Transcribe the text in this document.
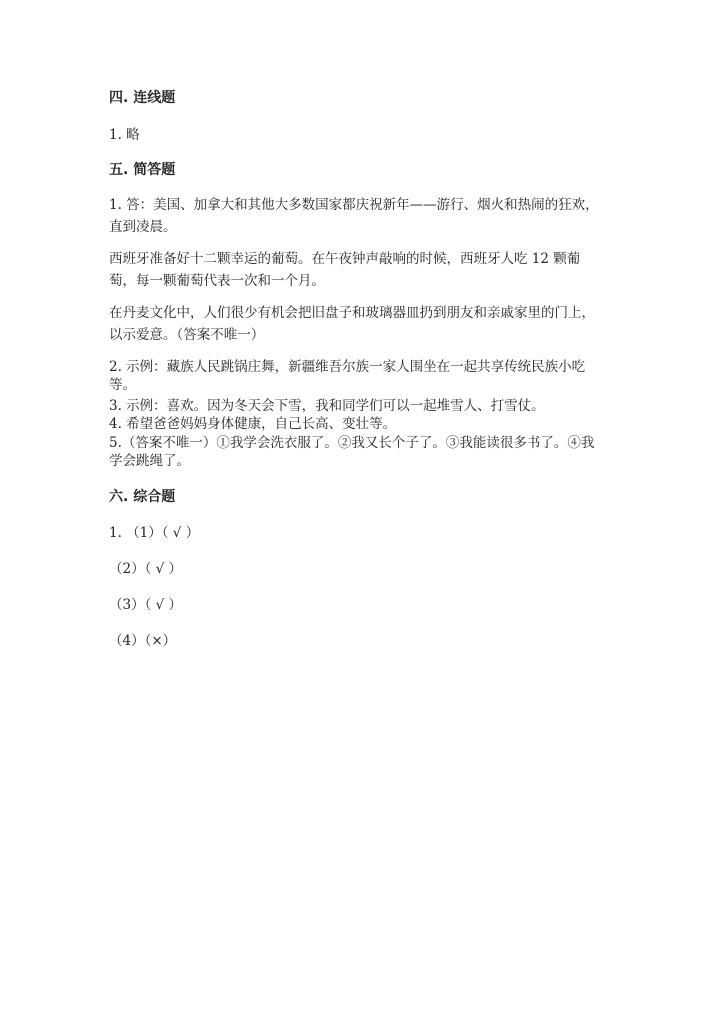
四. 连线题

1. 略

五. 简答题

1. 答：美国、加拿大和其他大多数国家都庆祝新年——游行、烟火和热闹的狂欢，直到凌晨。

西班牙准备好十二颗幸运的葡萄。在午夜钟声敲响的时候，西班牙人吃 12 颗葡萄，每一颗葡萄代表一次和一个月。

在丹麦文化中，人们很少有机会把旧盘子和玻璃器皿扔到朋友和亲戚家里的门上，以示爱意。（答案不唯一）

2. 示例：藏族人民跳锅庄舞，新疆维吾尔族一家人围坐在一起共享传统民族小吃等。

3. 示例：喜欢。因为冬天会下雪，我和同学们可以一起堆雪人、打雪仗。

4. 希望爸爸妈妈身体健康，自己长高、变壮等。

5.（答案不唯一）①我学会洗衣服了。②我又长个子了。③我能读很多书了。④我学会跳绳了。

六. 综合题

1. （1）（ √ ）

（2）（ √ ）

（3）（ √ ）

（4）（×）
